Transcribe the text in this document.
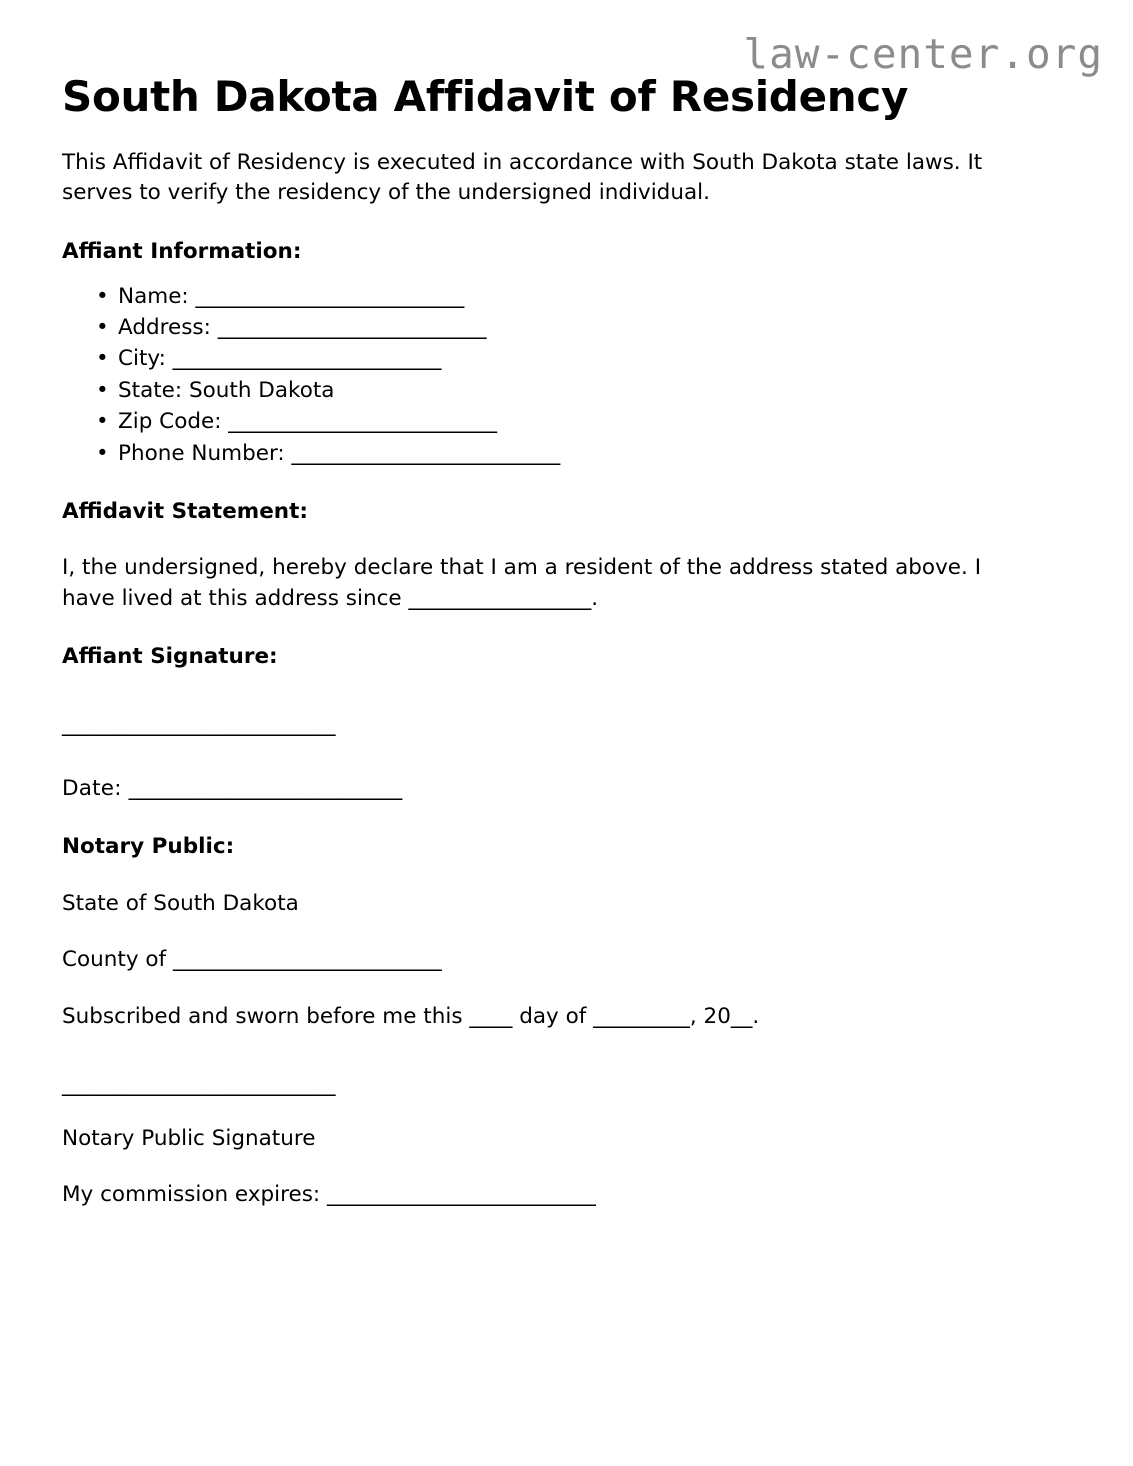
law-center.org
South Dakota Affidavit of Residency

This Affidavit of Residency is executed in accordance with South Dakota state laws. It serves to verify the residency of the undersigned individual.

Affiant Information:
• Name: _________________________
• Address: _________________________
• City: _________________________
• State: South Dakota
• Zip Code: _________________________
• Phone Number: _________________________
Affidavit Statement:

I, the undersigned, hereby declare that I am a resident of the address stated above. I have lived at this address since _________________.

Affiant Signature:

_________________________

Date: _________________________

Notary Public:

State of South Dakota

County of _________________________

Subscribed and sworn before me this ____ day of _________, 20__.

_________________________

Notary Public Signature

My commission expires: _________________________
